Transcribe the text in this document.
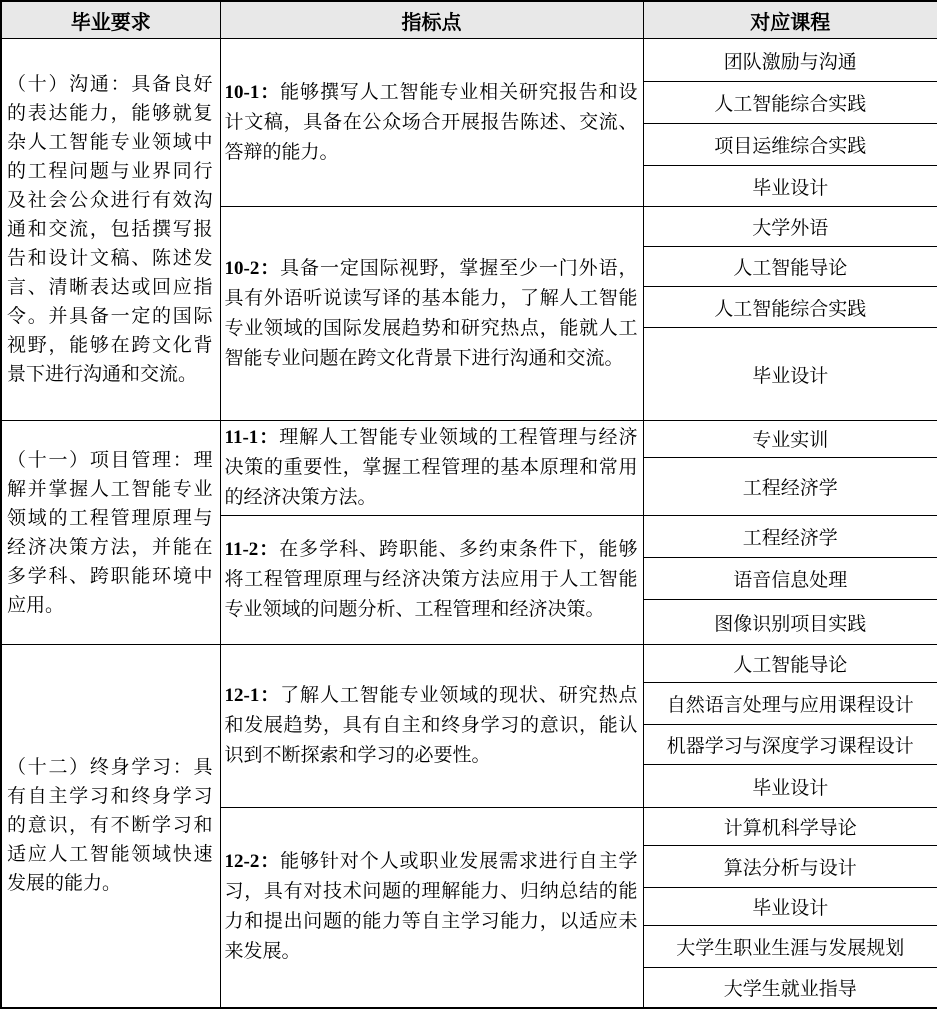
毕业要求	指标点	对应课程
（十）沟通：具备良好的表达能力，能够就复杂人工智能专业领域中的工程问题与业界同行及社会公众进行有效沟通和交流，包括撰写报告和设计文稿、陈述发言、清晰表达或回应指令。并具备一定的国际视野，能够在跨文化背景下进行沟通和交流。	10-1：能够撰写人工智能专业相关研究报告和设计文稿，具备在公众场合开展报告陈述、交流、答辩的能力。	团队激励与沟通
		人工智能综合实践
		项目运维综合实践
		毕业设计
	10-2：具备一定国际视野，掌握至少一门外语，具有外语听说读写译的基本能力，了解人工智能专业领域的国际发展趋势和研究热点，能就人工智能专业问题在跨文化背景下进行沟通和交流。	大学外语
		人工智能导论
		人工智能综合实践
		毕业设计
（十一）项目管理：理解并掌握人工智能专业领域的工程管理原理与经济决策方法，并能在多学科、跨职能环境中应用。	11-1：理解人工智能专业领域的工程管理与经济决策的重要性，掌握工程管理的基本原理和常用的经济决策方法。	专业实训
		工程经济学
	11-2：在多学科、跨职能、多约束条件下，能够将工程管理原理与经济决策方法应用于人工智能专业领域的问题分析、工程管理和经济决策。	工程经济学
		语音信息处理
		图像识别项目实践
（十二）终身学习：具有自主学习和终身学习的意识，有不断学习和适应人工智能领域快速发展的能力。	12-1：了解人工智能专业领域的现状、研究热点和发展趋势，具有自主和终身学习的意识，能认识到不断探索和学习的必要性。	人工智能导论
		自然语言处理与应用课程设计
		机器学习与深度学习课程设计
		毕业设计
	12-2：能够针对个人或职业发展需求进行自主学习，具有对技术问题的理解能力、归纳总结的能力和提出问题的能力等自主学习能力，以适应未来发展。	计算机科学导论
		算法分析与设计
		毕业设计
		大学生职业生涯与发展规划
		大学生就业指导
